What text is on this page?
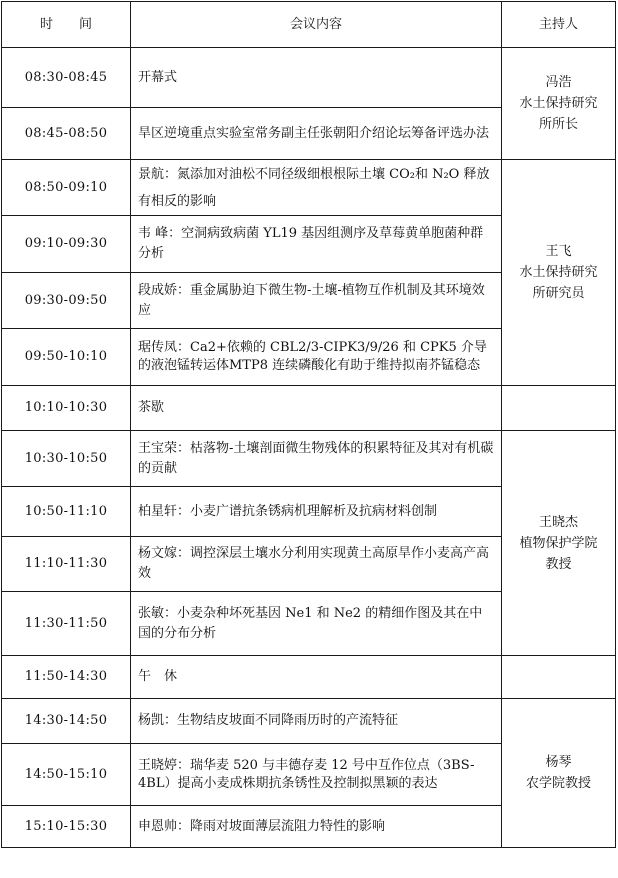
时　　间	会议内容	主持人
08:30-08:45	开幕式	冯浩
水土保持研究
所所长

08:45-08:50	旱区逆境重点实验室常务副主任张朝阳介绍论坛筹备评选办法	
08:50-09:10	景航：氮添加对油松不同径级细根根际土壤 CO₂和 N₂O 释放有相反的影响	王飞
水土保持研究
所研究员

09:10-09:30	韦 峰：空洞病致病菌 YL19 基因组测序及草莓黄单胞菌种群分析	
09:30-09:50	段成娇：重金属胁迫下微生物-土壤-植物互作机制及其环境效应	
09:50-10:10	琚传凤：Ca2+依赖的 CBL2/3-CIPK3/9/26 和 CPK5 介导的液泡锰转运体MTP8 连续磷酸化有助于维持拟南芥锰稳态	
10:10-10:30	茶歇	
10:30-10:50	王宝荣：枯落物-土壤剖面微生物残体的积累特征及其对有机碳的贡献	王晓杰
植物保护学院
教授

10:50-11:10	柏星轩：小麦广谱抗条锈病机理解析及抗病材料创制	
11:10-11:30	杨文嫁：调控深层土壤水分利用实现黄土高原旱作小麦高产高效	
11:30-11:50	张敏：小麦杂种坏死基因 Ne1 和 Ne2 的精细作图及其在中国的分布分析	
11:50-14:30	午　休	
14:30-14:50	杨凯：生物结皮坡面不同降雨历时的产流特征	杨琴
农学院教授

14:50-15:10	王晓婷：瑞华麦 520 与丰德存麦 12 号中互作位点（3BS-4BL）提高小麦成株期抗条锈性及控制拟黑颖的表达	
15:10-15:30	申恩帅：降雨对坡面薄层流阻力特性的影响	
